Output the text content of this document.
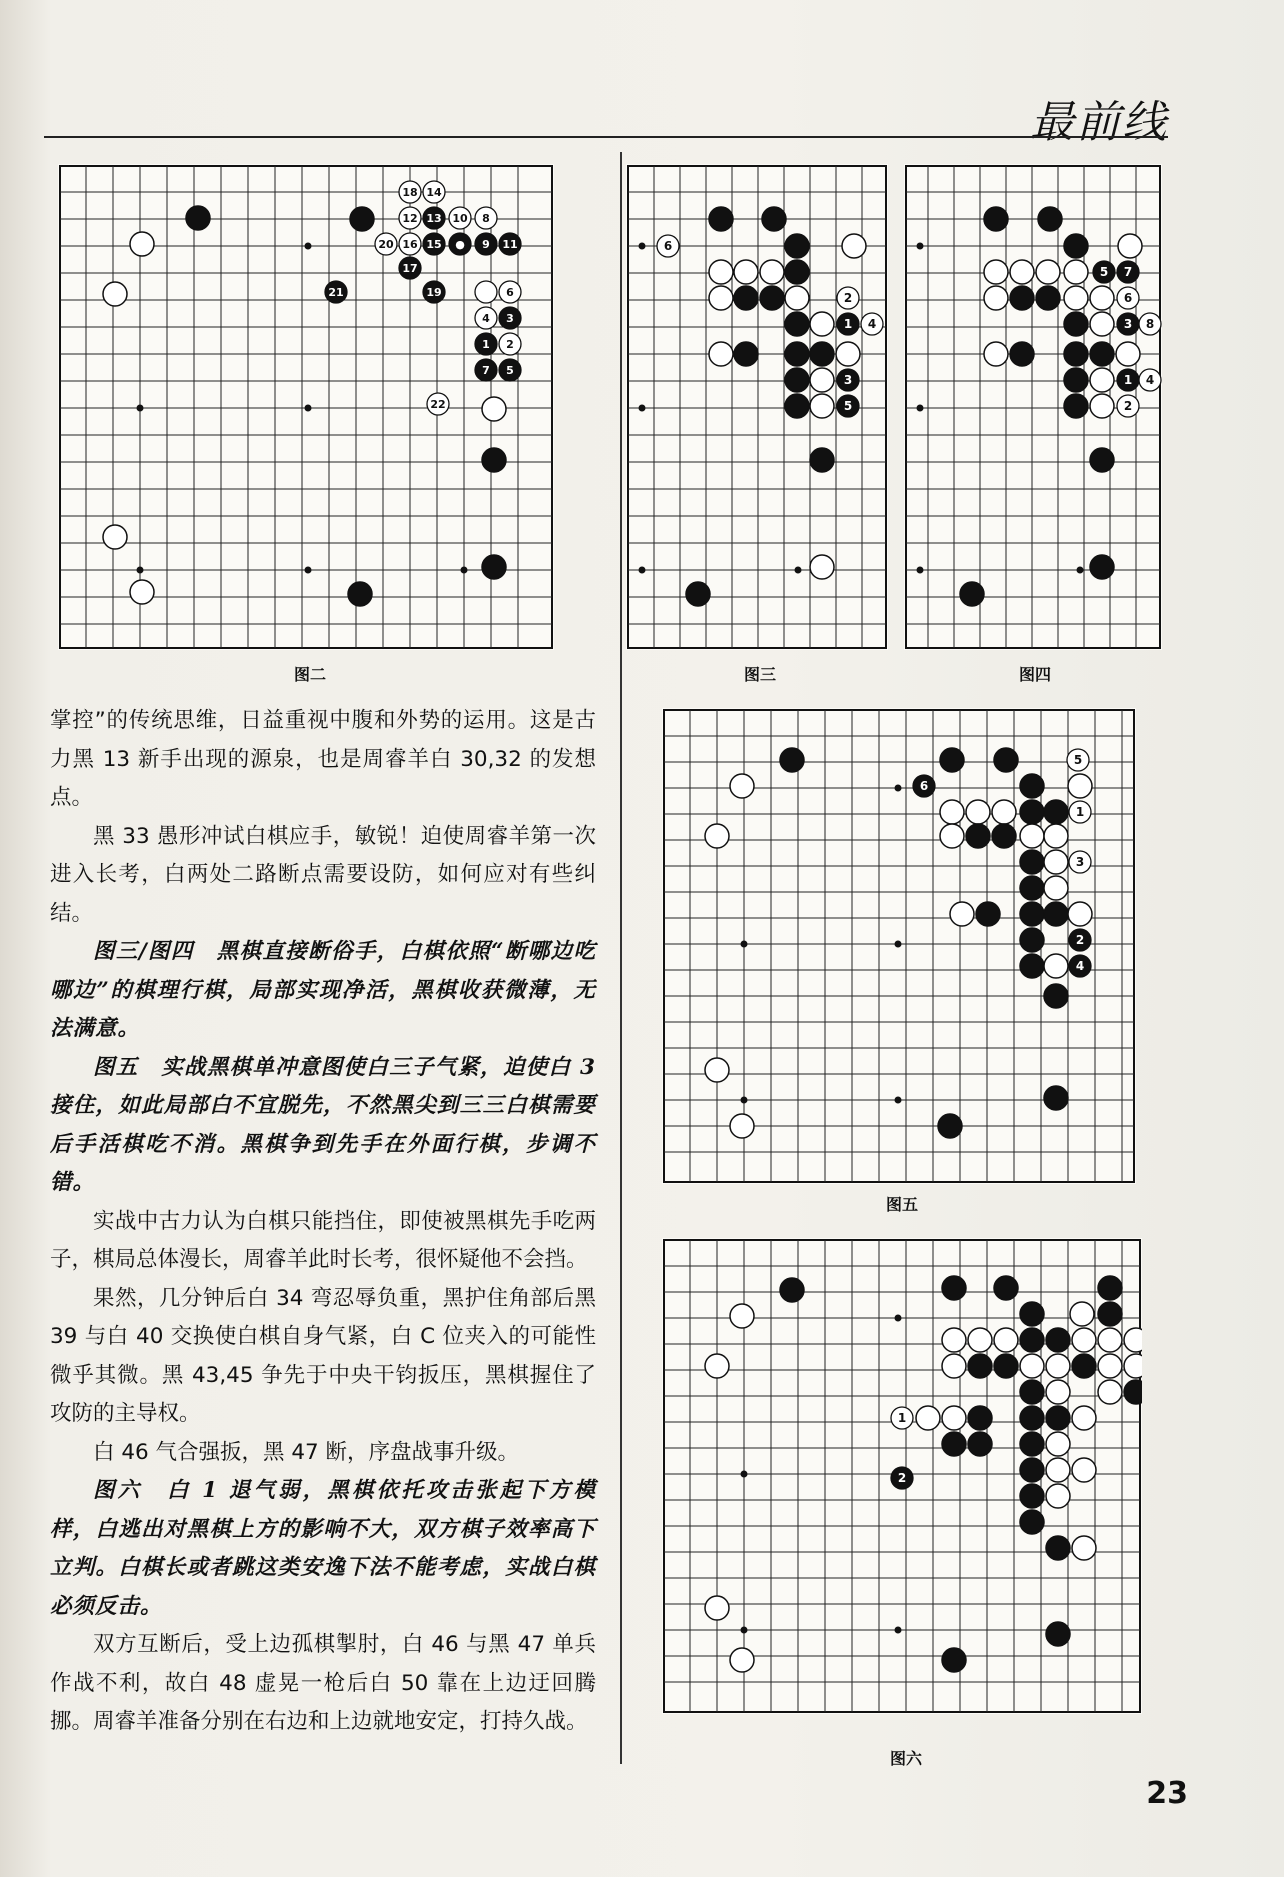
最前线
18 14
12 13 10 8
20 16 15 ● 9 11
17
21	19	6
4 3
1 2
7 5
22
图二
6
2
1 4
3
5
图三
5 7
6
3 8
1 4
2
图四
5
6
1
3
2
4
图五
1
2
图六

掌控”的传统思维，日益重视中腹和外势的运用。这是古力黑 13 新手出现的源泉，也是周睿羊白 30,32 的发想点。

黑 33 愚形冲试白棋应手，敏锐！迫使周睿羊第一次进入长考，白两处二路断点需要设防，如何应对有些纠结。

图三/图四　黑棋直接断俗手，白棋依照“断哪边吃哪边”的棋理行棋，局部实现净活，黑棋收获微薄，无法满意。

图五　实战黑棋单冲意图使白三子气紧，迫使白 3 接住，如此局部白不宜脱先，不然黑尖到三三白棋需要后手活棋吃不消。黑棋争到先手在外面行棋，步调不错。

实战中古力认为白棋只能挡住，即使被黑棋先手吃两子，棋局总体漫长，周睿羊此时长考，很怀疑他不会挡。

果然，几分钟后白 34 弯忍辱负重，黑护住角部后黑 39 与白 40 交换使白棋自身气紧，白 C 位夹入的可能性微乎其微。黑 43,45 争先于中央干钧扳压，黑棋握住了攻防的主导权。

白 46 气合强扳，黑 47 断，序盘战事升级。

图六　白 1 退气弱，黑棋依托攻击张起下方模样，白逃出对黑棋上方的影响不大，双方棋子效率高下立判。白棋长或者跳这类安逸下法不能考虑，实战白棋必须反击。

双方互断后，受上边孤棋掣肘，白 46 与黑 47 单兵作战不利，故白 48 虚晃一枪后白 50 靠在上边迂回腾挪。周睿羊准备分别在右边和上边就地安定，打持久战。

23
